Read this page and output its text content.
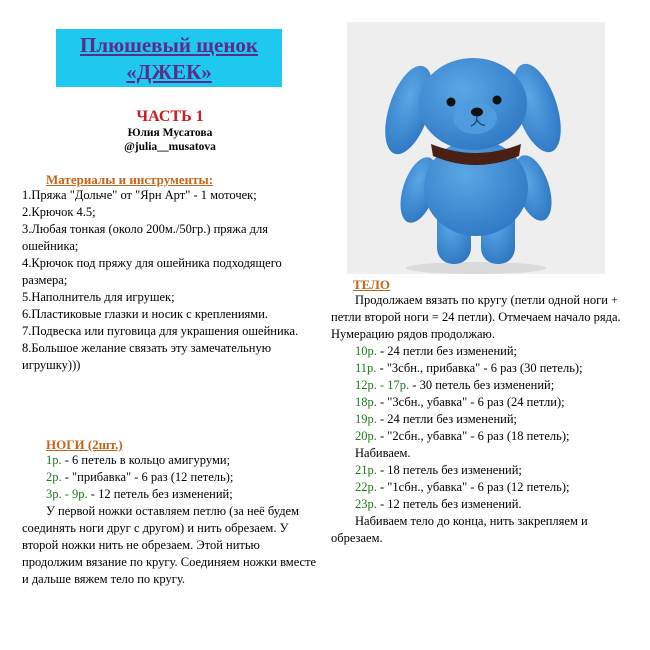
Плюшевый щенок
«ДЖЕК»
ЧАСТЬ 1
Юлия Мусатова
@julia__musatova
Материалы и инструменты:
1.Пряжа "Дольче" от "Ярн Арт" - 1 моточек;
2.Крючок 4.5;
3.Любая тонкая (около 200м./50гр.) пряжа для ошейника;
4.Крючок под пряжу для ошейника подходящего размера;
5.Наполнитель для игрушек;
6.Пластиковые глазки и носик с креплениями.
7.Подвеска или пуговица для украшения ошейника.
8.Большое желание связать эту замечательную игрушку)))
НОГИ (2шт.)
1р. - 6 петель в кольцо амигуруми;
2р. - "прибавка" - 6 раз (12 петель);
3р. - 9р. - 12 петель без изменений;
У первой ножки оставляем петлю (за неё будем соединять ноги друг с другом) и нить обрезаем. У второй ножки нить не обрезаем. Этой нитью продолжим вязание по кругу. Соединяем ножки вместе и дальше вяжем тело по кругу.
ТЕЛО
Продолжаем вязать по кругу (петли одной ноги + петли второй ноги = 24 петли). Отмечаем начало ряда. Нумерацию рядов продолжаю.
10р. - 24 петли без изменений;
11р. - "3сбн., прибавка" - 6 раз (30 петель);
12р. - 17р. - 30 петель без изменений;
18р. - "3сбн., убавка" - 6 раз (24 петли);
19р. - 24 петли без изменений;
20р. - "2сбн., убавка" - 6 раз (18 петель);
Набиваем.
21р. - 18 петель без изменений;
22р. - "1сбн., убавка" - 6 раз (12 петель);
23р. - 12 петель без изменений.
Набиваем тело до конца, нить закрепляем и обрезаем.
